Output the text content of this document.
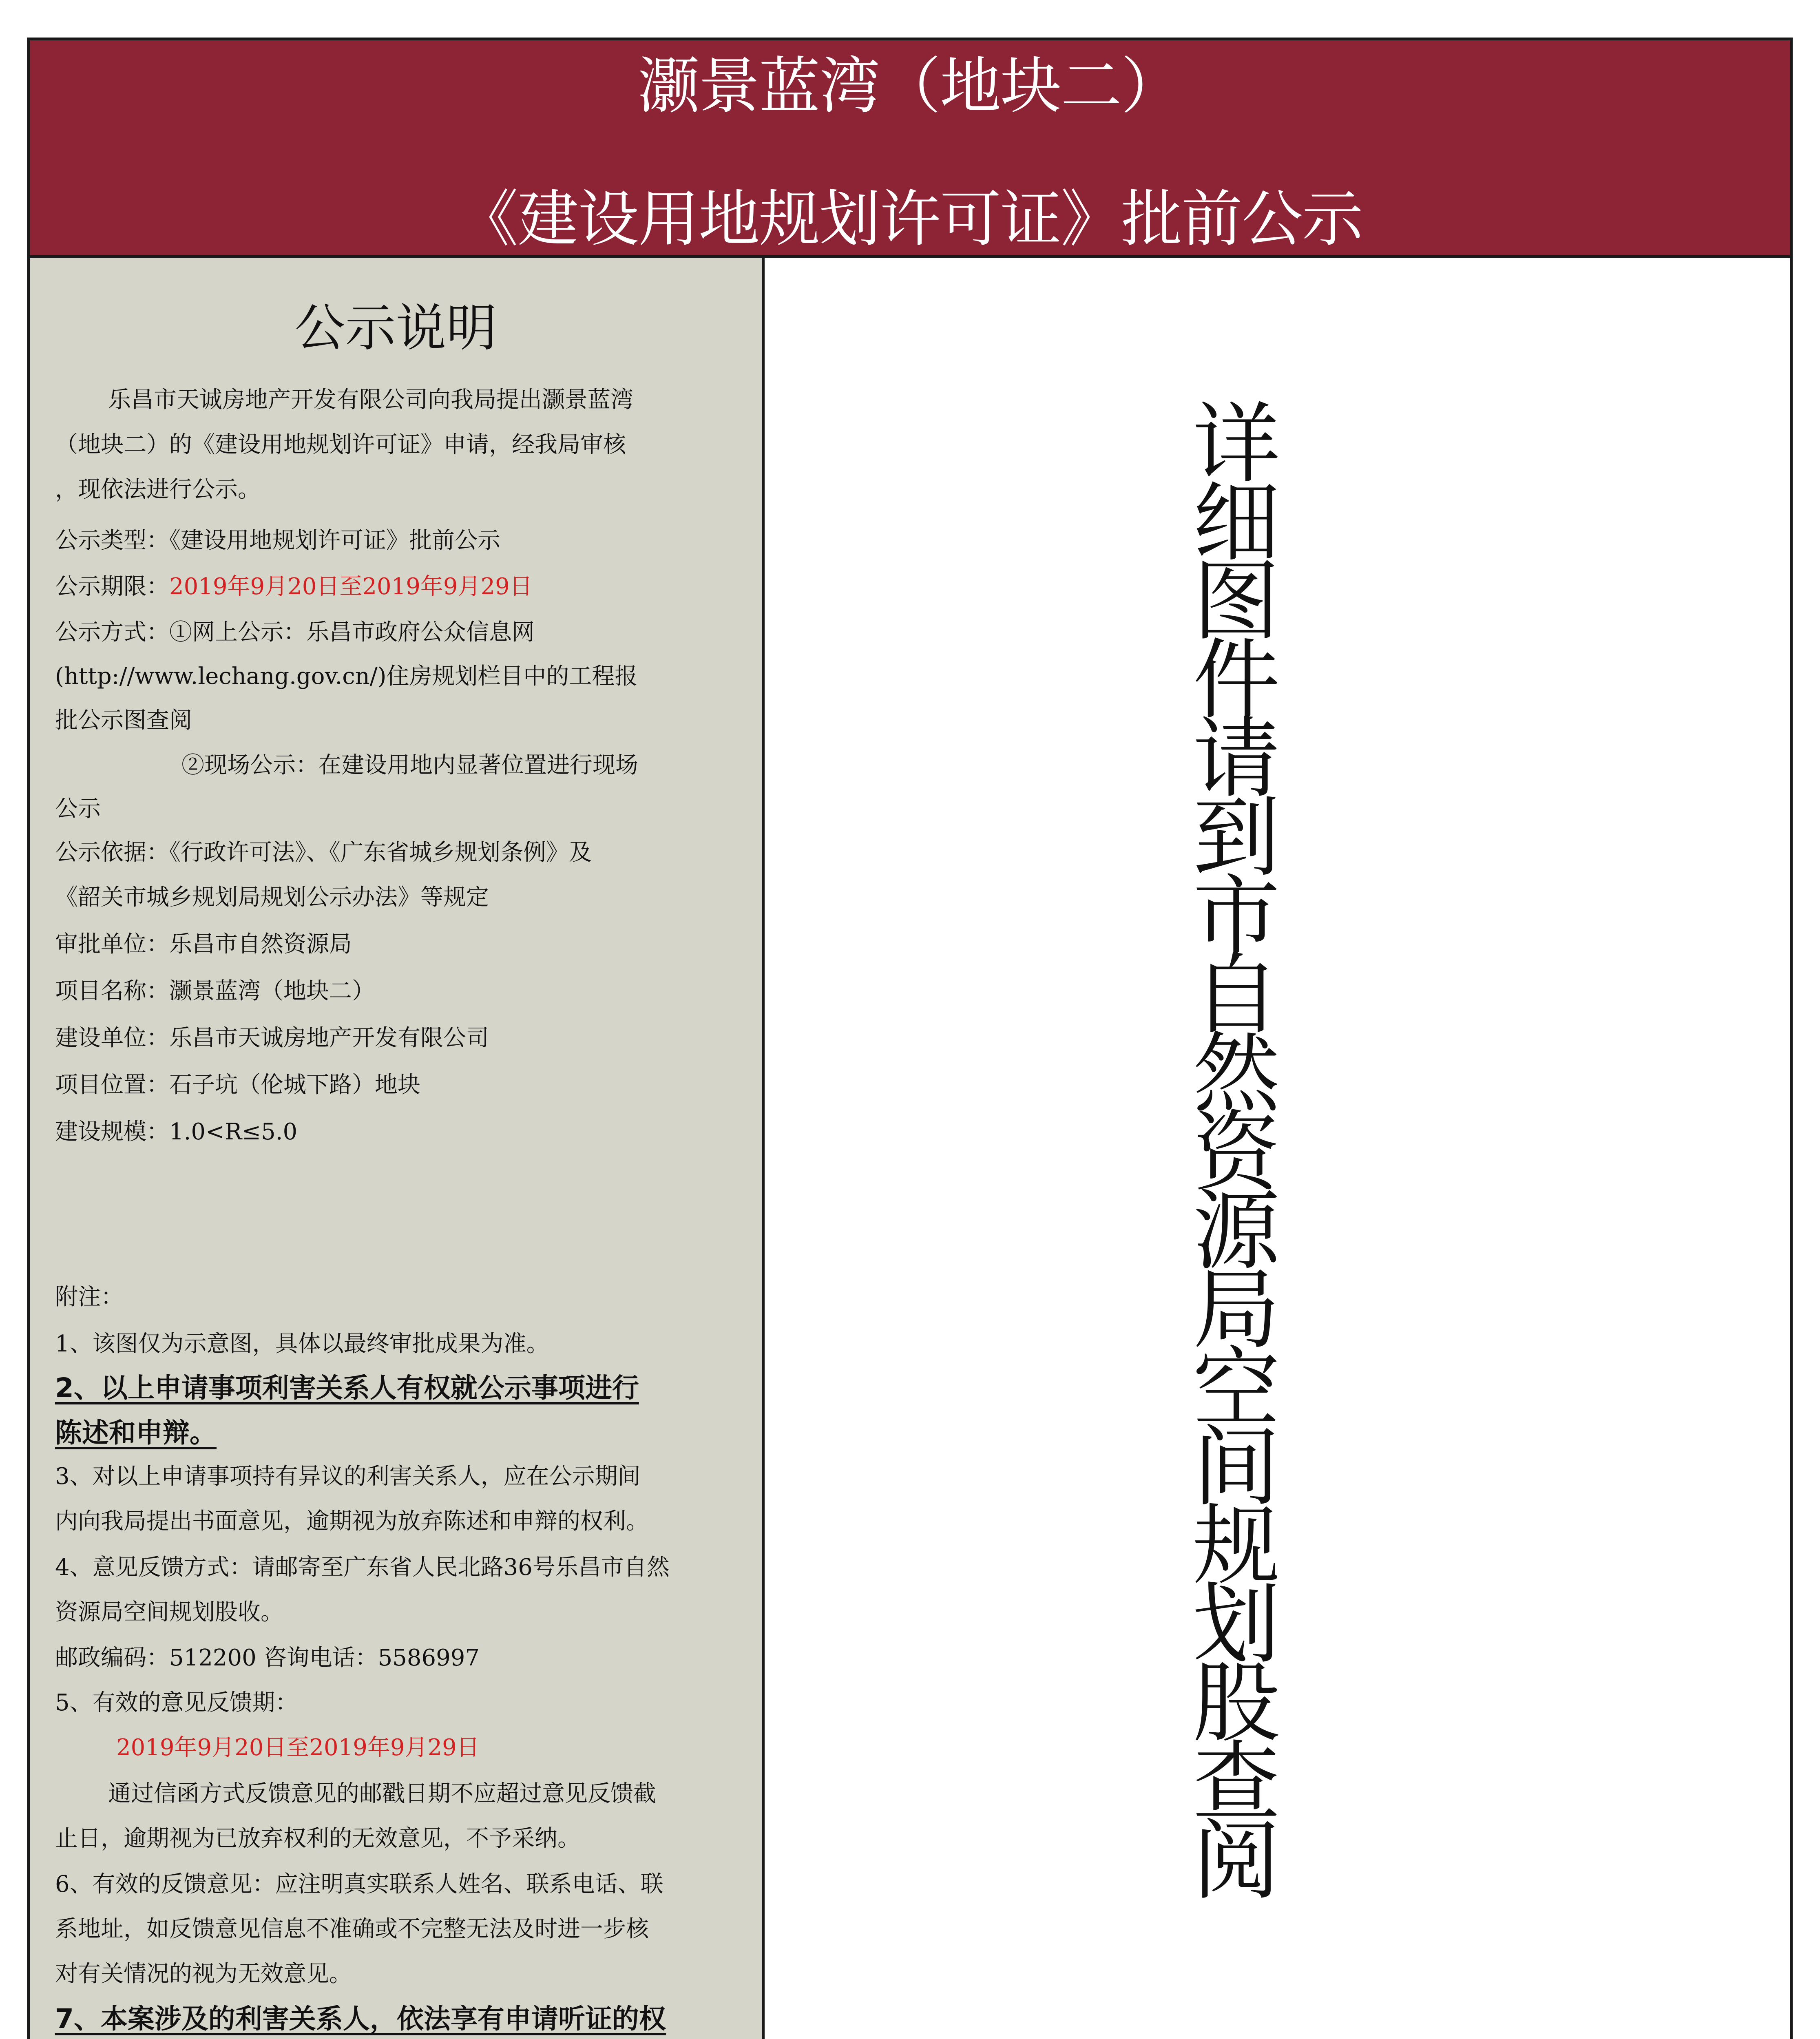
灏景蓝湾（地块二）
《建设用地规划许可证》批前公示
公示说明
乐昌市天诚房地产开发有限公司向我局提出灏景蓝湾
（地块二）的《建设用地规划许可证》申请，经我局审核
，现依法进行公示。
公示类型：《建设用地规划许可证》批前公示
公示期限：2019年9月20日至2019年9月29日
公示方式：①网上公示：乐昌市政府公众信息网
(http://www.lechang.gov.cn/)住房规划栏目中的工程报
批公示图查阅
②现场公示：在建设用地内显著位置进行现场
公示
公示依据：《行政许可法》、《广东省城乡规划条例》及
《韶关市城乡规划局规划公示办法》等规定
审批单位：乐昌市自然资源局
项目名称：灏景蓝湾（地块二）
建设单位：乐昌市天诚房地产开发有限公司
项目位置：石子坑（伦城下路）地块
建设规模：1.0<R≤5.0
附注：
1、该图仅为示意图，具体以最终审批成果为准。
2、以上申请事项利害关系人有权就公示事项进行
陈述和申辩。
3、对以上申请事项持有异议的利害关系人，应在公示期间
内向我局提出书面意见，逾期视为放弃陈述和申辩的权利。
4、意见反馈方式：请邮寄至广东省人民北路36号乐昌市自然
资源局空间规划股收。
邮政编码：512200 咨询电话：5586997
5、有效的意见反馈期：
2019年9月20日至2019年9月29日
通过信函方式反馈意见的邮戳日期不应超过意见反馈截
止日，逾期视为已放弃权利的无效意见，不予采纳。
6、有效的反馈意见：应注明真实联系人姓名、联系电话、联
系地址，如反馈意见信息不准确或不完整无法及时进一步核
对有关情况的视为无效意见。
7、本案涉及的利害关系人，依法享有申请听证的权
详
细
图
件
请
到
市
自
然
资
源
局
空
间
规
划
股
查
阅
